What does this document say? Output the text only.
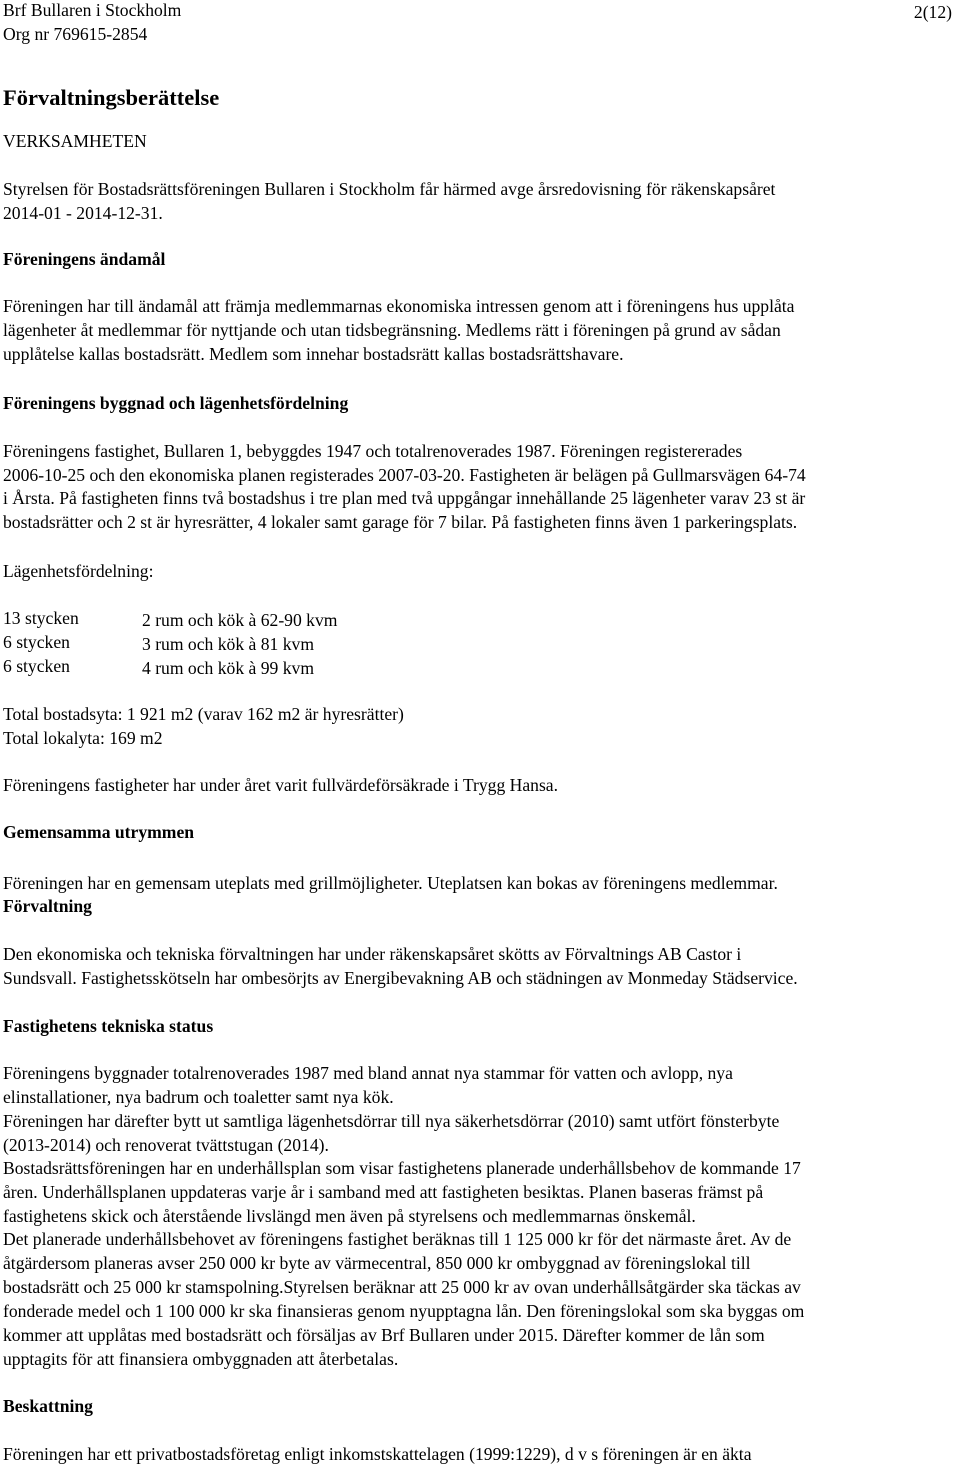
Brf Bullaren i Stockholm
Org nr 769615-2854
2(12)
Förvaltningsberättelse
VERKSAMHETEN
Styrelsen för Bostadsrättsföreningen Bullaren i Stockholm får härmed avge årsredovisning för räkenskapsåret
2014-01 - 2014-12-31.
Föreningens ändamål
Föreningen har till ändamål att främja medlemmarnas ekonomiska intressen genom att i föreningens hus upplåta
lägenheter åt medlemmar för nyttjande och utan tidsbegränsning. Medlems rätt i föreningen på grund av sådan
upplåtelse kallas bostadsrätt. Medlem som innehar bostadsrätt kallas bostadsrättshavare.
Föreningens byggnad och lägenhetsfördelning
Föreningens fastighet, Bullaren 1, bebyggdes 1947 och totalrenoverades 1987. Föreningen registererades
2006-10-25 och den ekonomiska planen registerades 2007-03-20. Fastigheten är belägen på Gullmarsvägen 64-74
i Årsta. På fastigheten finns två bostadshus i tre plan med två uppgångar innehållande 25 lägenheter varav 23 st är
bostadsrätter och 2 st är hyresrätter, 4 lokaler samt garage för 7 bilar. På fastigheten finns även 1 parkeringsplats.
Lägenhetsfördelning:
13 stycken	2 rum och kök à 62-90 kvm
6 stycken	3 rum och kök à 81 kvm
6 stycken	4 rum och kök à 99 kvm
Total bostadsyta: 1 921 m2 (varav 162 m2 är hyresrätter)
Total lokalyta: 169 m2
Föreningens fastigheter har under året varit fullvärdeförsäkrade i Trygg Hansa.
Gemensamma utrymmen
Föreningen har en gemensam uteplats med grillmöjligheter. Uteplatsen kan bokas av föreningens medlemmar.
Förvaltning
Den ekonomiska och tekniska förvaltningen har under räkenskapsåret skötts av Förvaltnings AB Castor i
Sundsvall. Fastighetsskötseln har ombesörjts av Energibevakning AB och städningen av Monmeday Städservice.
Fastighetens tekniska status
Föreningens byggnader totalrenoverades 1987 med bland annat nya stammar för vatten och avlopp, nya
elinstallationer, nya badrum och toaletter samt nya kök.
Föreningen har därefter bytt ut samtliga lägenhetsdörrar till nya säkerhetsdörrar (2010) samt utfört fönsterbyte
(2013-2014) och renoverat tvättstugan (2014).
Bostadsrättsföreningen har en underhållsplan som visar fastighetens planerade underhållsbehov de kommande 17
åren. Underhållsplanen uppdateras varje år i samband med att fastigheten besiktas. Planen baseras främst på
fastighetens skick och återstående livslängd men även på styrelsens och medlemmarnas önskemål.
Det planerade underhållsbehovet av föreningens fastighet beräknas till 1 125 000 kr för det närmaste året. Av de
åtgärdersom planeras avser 250 000 kr byte av värmecentral, 850 000 kr ombyggnad av föreningslokal till
bostadsrätt och 25 000 kr stamspolning.Styrelsen beräknar att 25 000 kr av ovan underhållsåtgärder ska täckas av
fonderade medel och 1 100 000 kr ska finansieras genom nyupptagna lån. Den föreningslokal som ska byggas om
kommer att upplåtas med bostadsrätt och försäljas av Brf Bullaren under 2015. Därefter kommer de lån som
upptagits för att finansiera ombyggnaden att återbetalas.
Beskattning
Föreningen har ett privatbostadsföretag enligt inkomstskattelagen (1999:1229), d v s föreningen är en äkta
